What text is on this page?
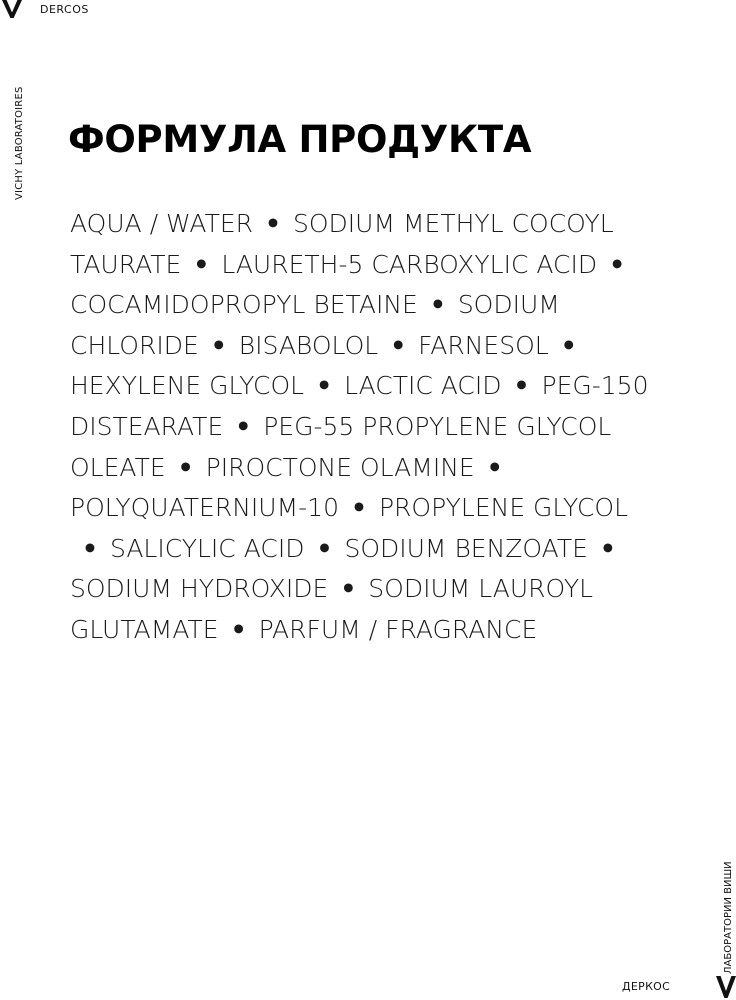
DERCOS
VICHY LABORATOIRES ФОРМУЛА ПРОДУКТА
AQUA / WATER • SODIUM METHYL COCOYL
TAURATE • LAURETH-5 CARBOXYLIC ACID •
COCAMIDOPROPYL BETAINE • SODIUM
CHLORIDE • BISABOLOL • FARNESOL •
HEXYLENE GLYCOL • LACTIC ACID • PEG-150
DISTEARATE • PEG-55 PROPYLENE GLYCOL
OLEATE • PIROCTONE OLAMINE •
POLYQUATERNIUM-10 • PROPYLENE GLYCOL
• SALICYLIC ACID • SODIUM BENZOATE •
SODIUM HYDROXIDE • SODIUM LAUROYL
GLUTAMATE • PARFUM / FRAGRANCE
ЛАБОРАТОРИИ ВИШИ
ДЕРКОС
